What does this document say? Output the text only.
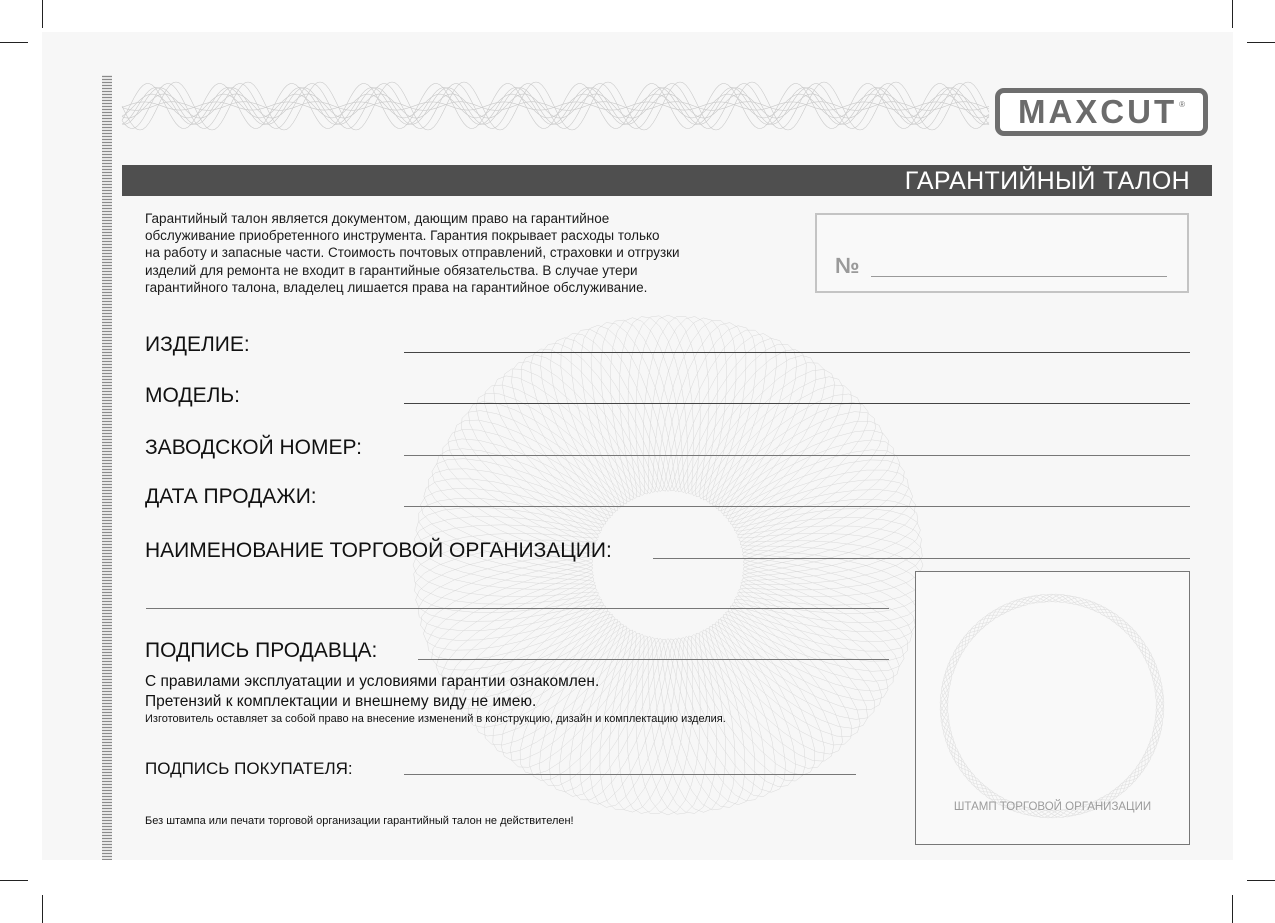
MAXCUT ®
ГАРАНТИЙНЫЙ ТАЛОН
Гарантийный талон является документом, дающим право на гарантийное
обслуживание приобретенного инструмента. Гарантия покрывает расходы только
на работу и запасные части. Стоимость почтовых отправлений, страховки и отгрузки
изделий для ремонта не входит в гарантийные обязательства. В случае утери
гарантийного талона, владелец лишается права на гарантийное обслуживание.
№
ИЗДЕЛИЕ:
МОДЕЛЬ:
ЗАВОДСКОЙ НОМЕР:
ДАТА ПРОДАЖИ:
НАИМЕНОВАНИЕ ТОРГОВОЙ ОРГАНИЗАЦИИ:
ПОДПИСЬ ПРОДАВЦА:
С правилами эксплуатации и условиями гарантии ознакомлен.
Претензий к комплектации и внешнему виду не имею.
Изготовитель оставляет за собой право на внесение изменений в конструкцию, дизайн и комплектацию изделия.
ПОДПИСЬ ПОКУПАТЕЛЯ:
Без штампа или печати торговой организации гарантийный талон не действителен!
ШТАМП ТОРГОВОЙ ОРГАНИЗАЦИИ
